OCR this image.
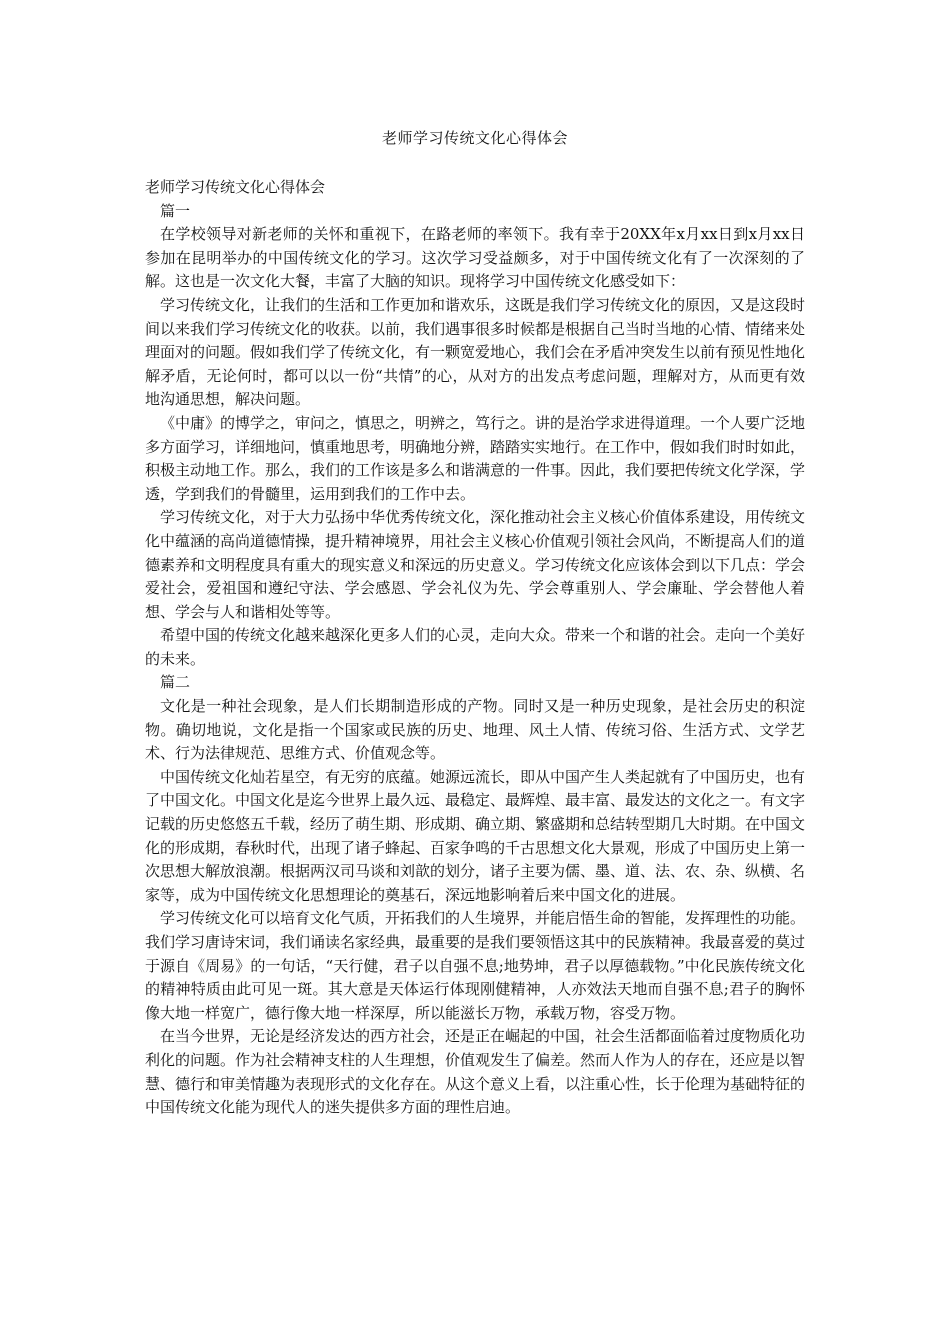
老师学习传统文化心得体会

老师学习传统文化心得体会

篇一

在学校领导对新老师的关怀和重视下，在路老师的率领下。我有幸于20XX年x月xx日到x月xx日参加在昆明举办的中国传统文化的学习。这次学习受益颇多，对于中国传统文化有了一次深刻的了解。这也是一次文化大餐，丰富了大脑的知识。现将学习中国传统文化感受如下：

学习传统文化，让我们的生活和工作更加和谐欢乐，这既是我们学习传统文化的原因，又是这段时间以来我们学习传统文化的收获。以前，我们遇事很多时候都是根据自己当时当地的心情、情绪来处理面对的问题。假如我们学了传统文化，有一颗宽爱地心，我们会在矛盾冲突发生以前有预见性地化解矛盾，无论何时，都可以以一份“共情”的心，从对方的出发点考虑问题，理解对方，从而更有效地沟通思想，解决问题。

《中庸》的博学之，审问之，慎思之，明辨之，笃行之。讲的是治学求进得道理。一个人要广泛地多方面学习，详细地问，慎重地思考，明确地分辨，踏踏实实地行。在工作中，假如我们时时如此，积极主动地工作。那么，我们的工作该是多么和谐满意的一件事。因此，我们要把传统文化学深，学透，学到我们的骨髓里，运用到我们的工作中去。

学习传统文化，对于大力弘扬中华优秀传统文化，深化推动社会主义核心价值体系建设，用传统文化中蕴涵的高尚道德情操，提升精神境界，用社会主义核心价值观引领社会风尚，不断提高人们的道德素养和文明程度具有重大的现实意义和深远的历史意义。学习传统文化应该体会到以下几点：学会爱社会，爱祖国和遵纪守法、学会感恩、学会礼仪为先、学会尊重别人、学会廉耻、学会替他人着想、学会与人和谐相处等等。

希望中国的传统文化越来越深化更多人们的心灵，走向大众。带来一个和谐的社会。走向一个美好的未来。

篇二

文化是一种社会现象，是人们长期制造形成的产物。同时又是一种历史现象，是社会历史的积淀物。确切地说，文化是指一个国家或民族的历史、地理、风土人情、传统习俗、生活方式、文学艺术、行为法律规范、思维方式、价值观念等。

中国传统文化灿若星空，有无穷的底蕴。她源远流长，即从中国产生人类起就有了中国历史，也有了中国文化。中国文化是迄今世界上最久远、最稳定、最辉煌、最丰富、最发达的文化之一。有文字记载的历史悠悠五千载，经历了萌生期、形成期、确立期、繁盛期和总结转型期几大时期。在中国文化的形成期，春秋时代，出现了诸子蜂起、百家争鸣的千古思想文化大景观，形成了中国历史上第一次思想大解放浪潮。根据两汉司马谈和刘歆的划分，诸子主要为儒、墨、道、法、农、杂、纵横、名家等，成为中国传统文化思想理论的奠基石，深远地影响着后来中国文化的进展。

学习传统文化可以培育文化气质，开拓我们的人生境界，并能启悟生命的智能，发挥理性的功能。我们学习唐诗宋词，我们诵读名家经典，最重要的是我们要领悟这其中的民族精神。我最喜爱的莫过于源自《周易》的一句话，“天行健，君子以自强不息;地势坤，君子以厚德载物。”中化民族传统文化的精神特质由此可见一斑。其大意是天体运行体现刚健精神，人亦效法天地而自强不息;君子的胸怀像大地一样宽广，德行像大地一样深厚，所以能滋长万物，承载万物，容受万物。

在当今世界，无论是经济发达的西方社会，还是正在崛起的中国，社会生活都面临着过度物质化功利化的问题。作为社会精神支柱的人生理想，价值观发生了偏差。然而人作为人的存在，还应是以智慧、德行和审美情趣为表现形式的文化存在。从这个意义上看，以注重心性，长于伦理为基础特征的中国传统文化能为现代人的迷失提供多方面的理性启迪。
